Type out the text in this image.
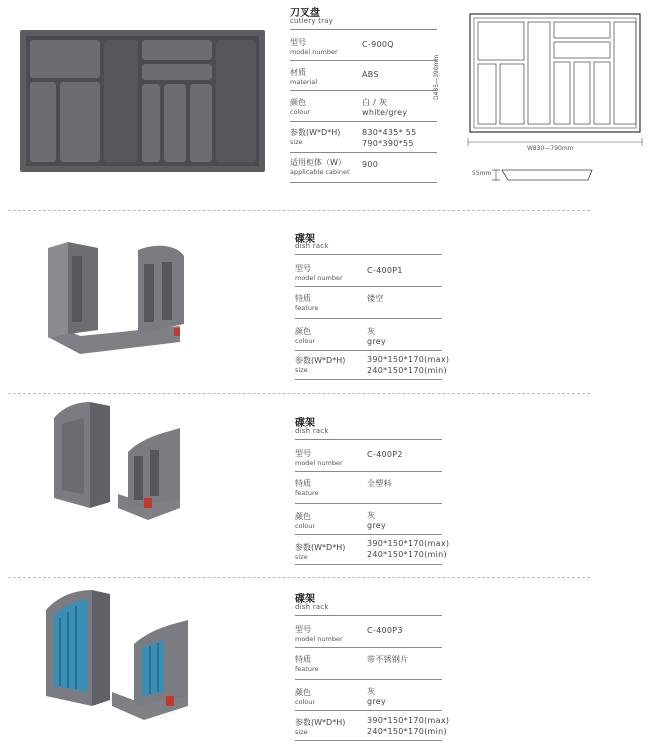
刀叉盘
cutlery tray
型号
model number
C-900Q
材质
material
ABS
颜色
colour
白 / 灰
white/grey
参数(W*D*H)
size
830*435* 55
790*390*55
适用柜体（W）
applicable cabinet
900
D435—390mm
W830—790mm
55mm
碟架
dish rack
型号
model number
C-400P1
特质
feature
镂空
颜色
colour
灰
grey
参数(W*D*H)
size
390*150*170(max)
240*150*170(min)
碟架
dish rack
型号
model number
C-400P2
特质
feature
全塑料
颜色
colour
灰
grey
参数(W*D*H)
size
390*150*170(max)
240*150*170(min)
碟架
dish rack
型号
model number
C-400P3
特质
feature
带不锈钢片
颜色
colour
灰
grey
参数(W*D*H)
size
390*150*170(max)
240*150*170(min)
